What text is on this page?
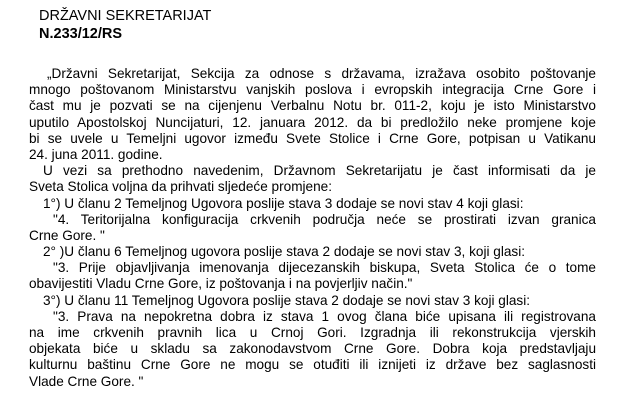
DRŽAVNI SEKRETARIJAT
N.233/12/RS
„Državni Sekretarijat, Sekcija za odnose s državama, izražava osobito poštovanje
mnogo poštovanom Ministarstvu vanjskih poslova i evropskih integracija Crne Gore i
čast mu je pozvati se na cijenjenu Verbalnu Notu br. 011-2, koju je isto Ministarstvo
uputilo Apostolskoj Nuncijaturi, 12. januara 2012. da bi predložilo neke promjene koje
bi se uvele u Temeljni ugovor između Svete Stolice i Crne Gore, potpisan u Vatikanu
24. juna 2011. godine.
U vezi sa prethodno navedenim, Državnom Sekretarijatu je čast informisati da je
Sveta Stolica voljna da prihvati sljedeće promjene:
1°) U članu 2 Temeljnog Ugovora poslije stava 3 dodaje se novi stav 4 koji glasi:
"4. Teritorijalna konfiguracija crkvenih područja neće se prostirati izvan granica
Crne Gore. "
2° )U članu 6 Temeljnog ugovora poslije stava 2 dodaje se novi stav 3, koji glasi:
"3. Prije objavljivanja imenovanja dijecezanskih biskupa, Sveta Stolica će o tome
obavijestiti Vladu Crne Gore, iz poštovanja i na povjerljiv način."
3°) U članu 11 Temeljnog Ugovora poslije stava 2 dodaje se novi stav 3 koji glasi:
"3. Prava na nepokretna dobra iz stava 1 ovog člana biće upisana ili registrovana
na ime crkvenih pravnih lica u Crnoj Gori. Izgradnja ili rekonstrukcija vjerskih
objekata biće u skladu sa zakonodavstvom Crne Gore. Dobra koja predstavljaju
kulturnu baštinu Crne Gore ne mogu se otuđiti ili iznijeti iz države bez saglasnosti
Vlade Crne Gore. "
